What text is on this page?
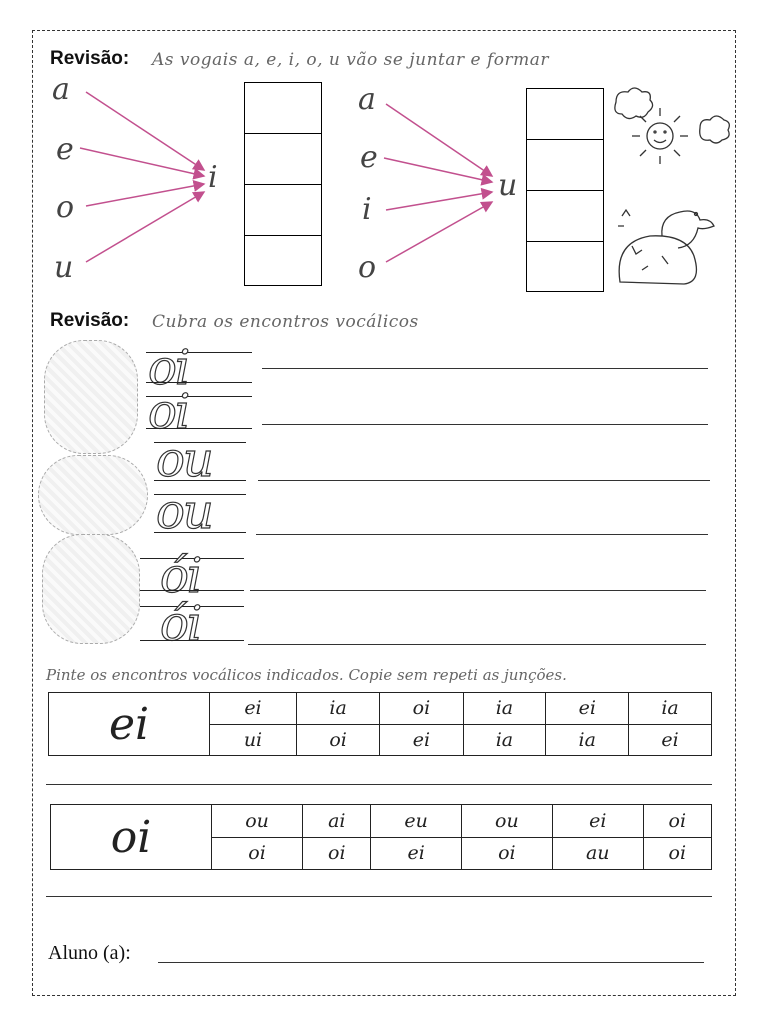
Revisão: As vogais a, e, i, o, u vão se juntar e formar
a
e
o
u
i
a
e
i
o
u
Revisão: Cubra os encontros vocálicos
oi
oi
ou
ou
ói
ói
Pinte os encontros vocálicos indicados. Copie sem repeti as junções.
ei	ei	ia	oi	ia	ei	ia
	ui	oi	ei	ia	ia	ei
oi	ou	ai	eu	ou	ei	oi
	oi	oi	ei	oi	au	oi
Aluno (a):
